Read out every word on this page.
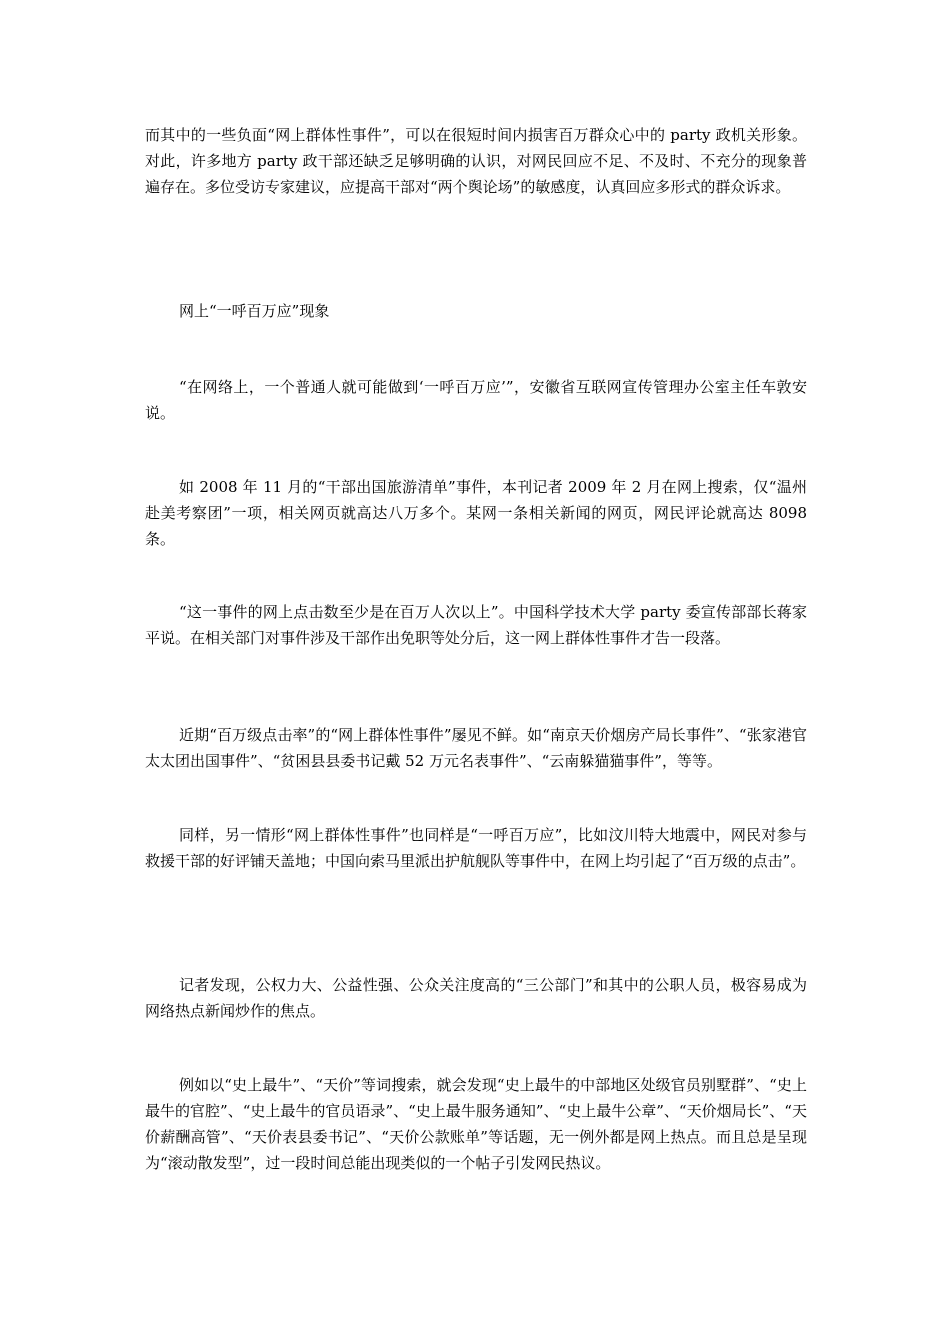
而其中的一些负面“网上群体性事件”，可以在很短时间内损害百万群众心中的 party 政机关形象。对此，许多地方 party 政干部还缺乏足够明确的认识，对网民回应不足、不及时、不充分的现象普遍存在。多位受访专家建议，应提高干部对“两个舆论场”的敏感度，认真回应多形式的群众诉求。

网上“一呼百万应”现象

“在网络上，一个普通人就可能做到‘一呼百万应’”，安徽省互联网宣传管理办公室主任车敦安说。

如 2008 年 11 月的“干部出国旅游清单”事件，本刊记者 2009 年 2 月在网上搜索，仅“温州赴美考察团”一项，相关网页就高达八万多个。某网一条相关新闻的网页，网民评论就高达 8098 条。

“这一事件的网上点击数至少是在百万人次以上”。中国科学技术大学 party 委宣传部部长蒋家平说。在相关部门对事件涉及干部作出免职等处分后，这一网上群体性事件才告一段落。

近期“百万级点击率”的“网上群体性事件”屡见不鲜。如“南京天价烟房产局长事件”、“张家港官太太团出国事件”、“贫困县县委书记戴 52 万元名表事件”、“云南躲猫猫事件”，等等。

同样，另一情形“网上群体性事件”也同样是“一呼百万应”，比如汶川特大地震中，网民对参与救援干部的好评铺天盖地；中国向索马里派出护航舰队等事件中，在网上均引起了“百万级的点击”。

记者发现，公权力大、公益性强、公众关注度高的“三公部门”和其中的公职人员，极容易成为网络热点新闻炒作的焦点。

例如以“史上最牛”、“天价”等词搜索，就会发现“史上最牛的中部地区处级官员别墅群”、“史上最牛的官腔”、“史上最牛的官员语录”、“史上最牛服务通知”、“史上最牛公章”、“天价烟局长”、“天价薪酬高管”、“天价表县委书记”、“天价公款账单”等话题，无一例外都是网上热点。而且总是呈现为“滚动散发型”，过一段时间总能出现类似的一个帖子引发网民热议。
